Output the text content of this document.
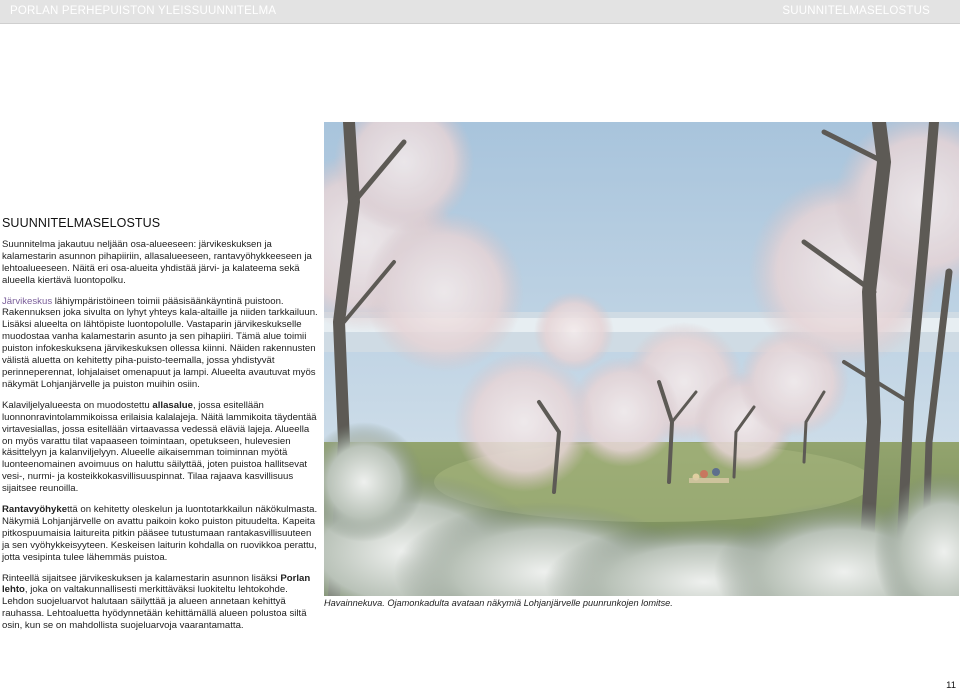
PORLAN PERHEPUISTON YLEISSUUNNITELMA	SUUNNITELMASELOSTUS
SUUNNITELMASELOSTUS

Suunnitelma jakautuu neljään osa-alueeseen: järvikeskuksen ja kalamestarin asunnon pihapiiriin, allasalueeseen, rantavyöhykkeeseen ja lehtoalueeseen. Näitä eri osa-alueita yhdistää järvi- ja kalateema sekä alueella kiertävä luontopolku.

Järvikeskus lähiympäristöineen toimii pääsisäänkäyntinä puistoon. Rakennuksen joka sivulta on lyhyt yhteys kala-altaille ja niiden tarkkailuun. Lisäksi alueelta on lähtöpiste luontopolulle. Vastaparin järvikeskukselle muodostaa vanha kalamestarin asunto ja sen pihapiiri. Tämä alue toimii puiston infokeskuksena järvikeskuksen ollessa kiinni. Näiden rakennusten välistä aluetta on kehitetty piha-puisto-teemalla, jossa yhdistyvät perinneperennat, lohjalaiset omenapuut ja lampi. Alueelta avautuvat myös näkymät Lohjanjärvelle ja puiston muihin osiin.

Kalaviljelyalueesta on muodostettu allasalue, jossa esitellään luonnonravintolammikoissa erilaisia kalalajeja. Näitä lammikoita täydentää virtavesiallas, jossa esitellään virtaavassa vedessä eläviä lajeja. Alueella on myös varattu tilat vapaaseen toimintaan, opetukseen, hulevesien käsittelyyn ja kalanviljelyyn. Alueelle aikaisemman toiminnan myötä luonteenomainen avoimuus on haluttu säilyttää, joten puistoa hallitsevat vesi-, nurmi- ja kosteikkokasvillisuuspinnat. Tilaa rajaava kasvillisuus sijaitsee reunoilla.

Rantavyöhykettä on kehitetty oleskelun ja luontotarkkailun näkökulmasta. Näkymiä Lohjanjärvelle on avattu paikoin koko puiston pituudelta. Kapeita pitkospuumaisia laitureita pitkin pääsee tutustumaan rantakasvillisuuteen ja sen vyöhykkeisyyteen. Keskeisen laiturin kohdalla on ruovikkoa perattu, jotta vesipinta tulee lähemmäs puistoa.

Rinteellä sijaitsee järvikeskuksen ja kalamestarin asunnon lisäksi Porlan lehto, joka on valtakunnallisesti merkittäväksi luokiteltu lehtokohde. Lehdon suojeluarvot halutaan säilyttää ja alueen annetaan kehittyä rauhassa. Lehtoaluetta hyödynnetään kehittämällä alueen polustoa siltä osin, kun se on mahdollista suojeluarvoja vaarantamatta.

Havainnekuva. Ojamonkadulta avataan näkymiä Lohjanjärvelle puunrunkojen lomitse.
11
